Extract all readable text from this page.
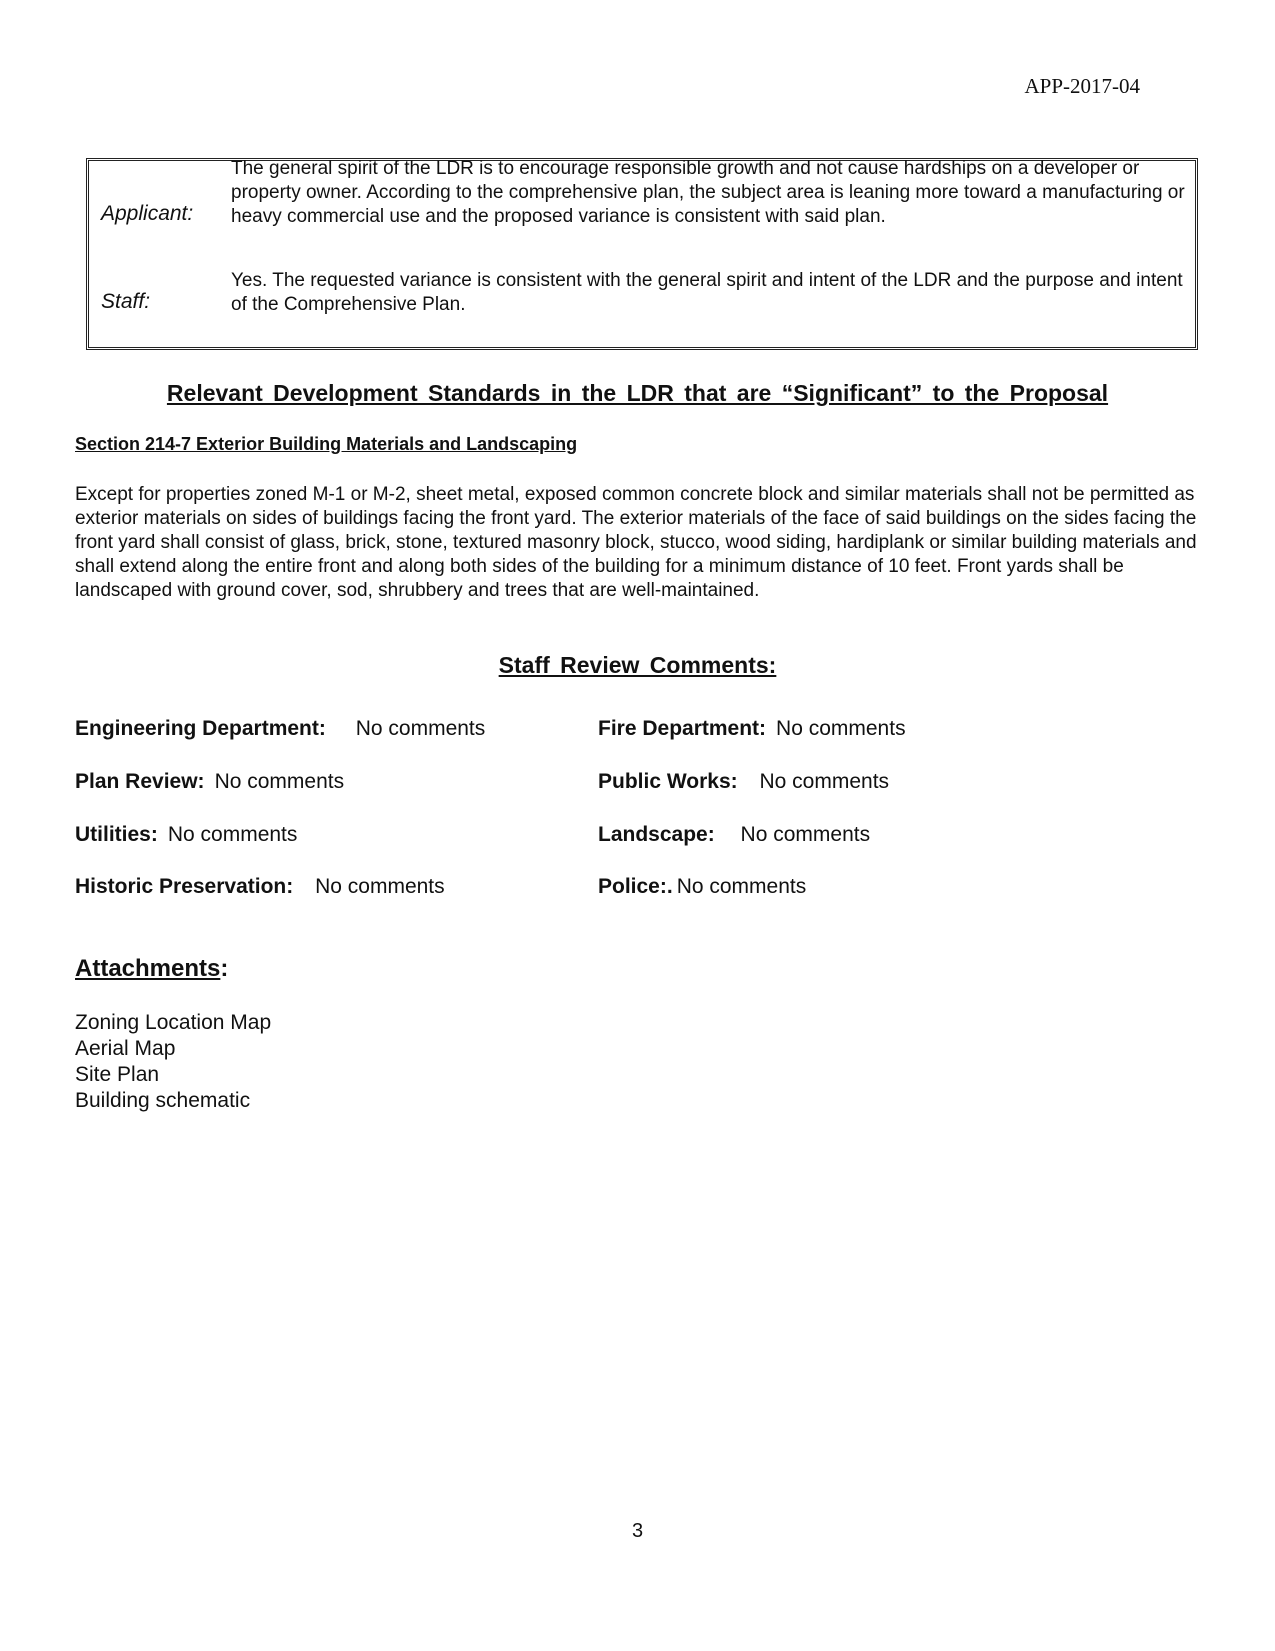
APP-2017-04
Applicant:
The general spirit of the LDR is to encourage responsible growth and not cause hardships on a developer or property owner. According to the comprehensive plan, the subject area is leaning more toward a manufacturing or heavy commercial use and the proposed variance is consistent with said plan.
Staff:
Yes. The requested variance is consistent with the general spirit and intent of the LDR and the purpose and intent of the Comprehensive Plan.
Relevant Development Standards in the LDR that are “Significant” to the Proposal
Section 214-7 Exterior Building Materials and Landscaping
Except for properties zoned M-1 or M-2, sheet metal, exposed common concrete block and similar materials shall not be permitted as exterior materials on sides of buildings facing the front yard. The exterior materials of the face of said buildings on the sides facing the front yard shall consist of glass, brick, stone, textured masonry block, stucco, wood siding, hardiplank or similar building materials and shall extend along the entire front and along both sides of the building for a minimum distance of 10 feet. Front yards shall be landscaped with ground cover, sod, shrubbery and trees that are well-maintained.
Staff Review Comments:
Engineering Department: No comments	Fire Department: No comments
Plan Review: No comments	Public Works: No comments
Utilities: No comments	Landscape: No comments
Historic Preservation: No comments	Police:. No comments
Attachments:
Zoning Location Map
Aerial Map
Site Plan
Building schematic
3
